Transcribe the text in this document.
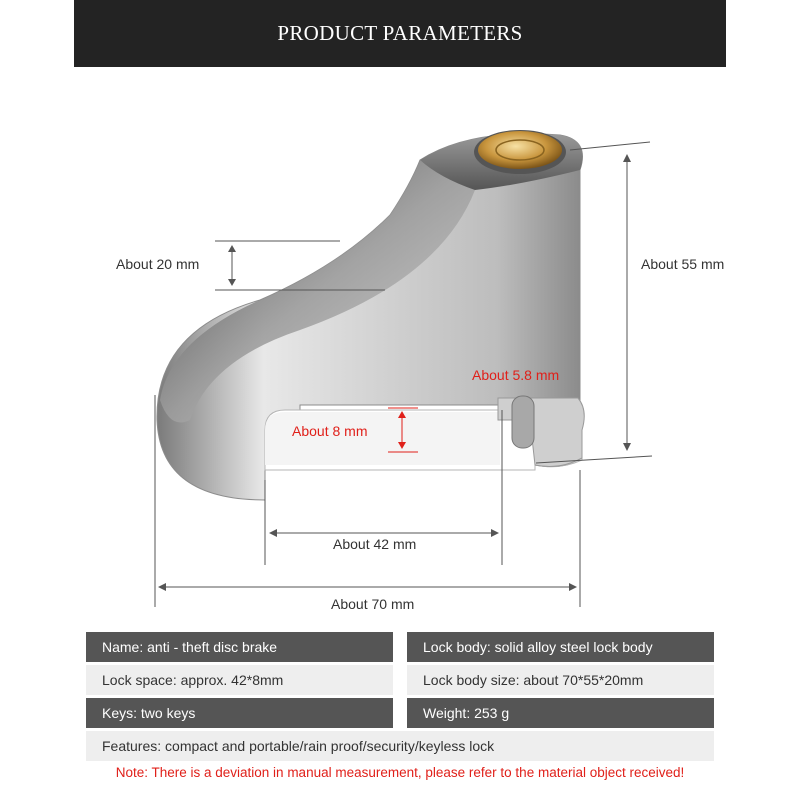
PRODUCT PARAMETERS
About 20 mm	About 55 mm
About 5.8 mm
About 8 mm
About 42 mm
About 70 mm
Name: anti - theft disc brake	Lock body: solid alloy steel lock body
Lock space: approx. 42*8mm	Lock body size: about 70*55*20mm
Keys: two keys	Weight: 253 g
Features: compact and portable/rain proof/security/keyless lock
Note: There is a deviation in manual measurement, please refer to the material object received!
